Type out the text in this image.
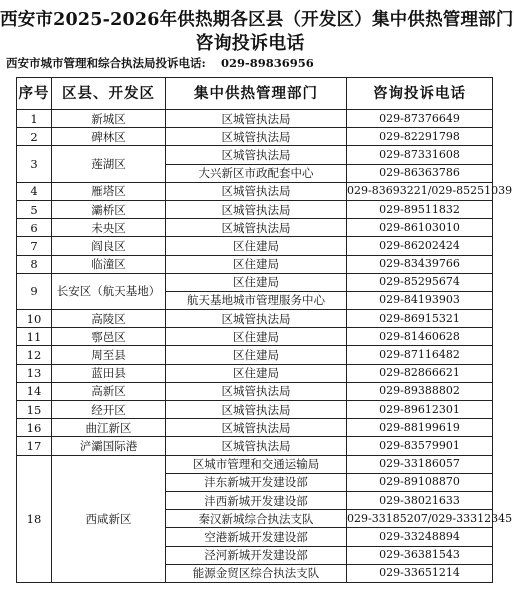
西安市2025-2026年供热期各区县（开发区）集中供热管理部门
咨询投诉电话
西安市城市管理和综合执法局投诉电话: 029-89836956
序号	区县、开发区	集中供热管理部门	咨询投诉电话
1	新城区	区城管执法局	029-87376649
2	碑林区	区城管执法局	029-82291798
3	莲湖区	区城管执法局	029-87331608
		大兴新区市政配套中心	029-86363786
4	雁塔区	区城管执法局	029-83693221/029-85251039
5	灞桥区	区城管执法局	029-89511832
6	未央区	区城管执法局	029-86103010
7	阎良区	区住建局	029-86202424
8	临潼区	区住建局	029-83439766
9	长安区（航天基地）	区住建局	029-85295674
		航天基地城市管理服务中心	029-84193903
10	高陵区	区城管执法局	029-86915321
11	鄠邑区	区住建局	029-81460628
12	周至县	区住建局	029-87116482
13	蓝田县	区住建局	029-82866621
14	高新区	区城管执法局	029-89388802
15	经开区	区城管执法局	029-89612301
16	曲江新区	区城管执法局	029-88199619
17	浐灞国际港	区城管执法局	029-83579901
18	西咸新区	区城市管理和交通运输局	029-33186057
		沣东新城开发建设部	029-89108870
		沣西新城开发建设部	029-38021633
		秦汉新城综合执法支队	029-33185207/029-33312345
		空港新城开发建设部	029-33248894
		泾河新城开发建设部	029-36381543
		能源金贸区综合执法支队	029-33651214
